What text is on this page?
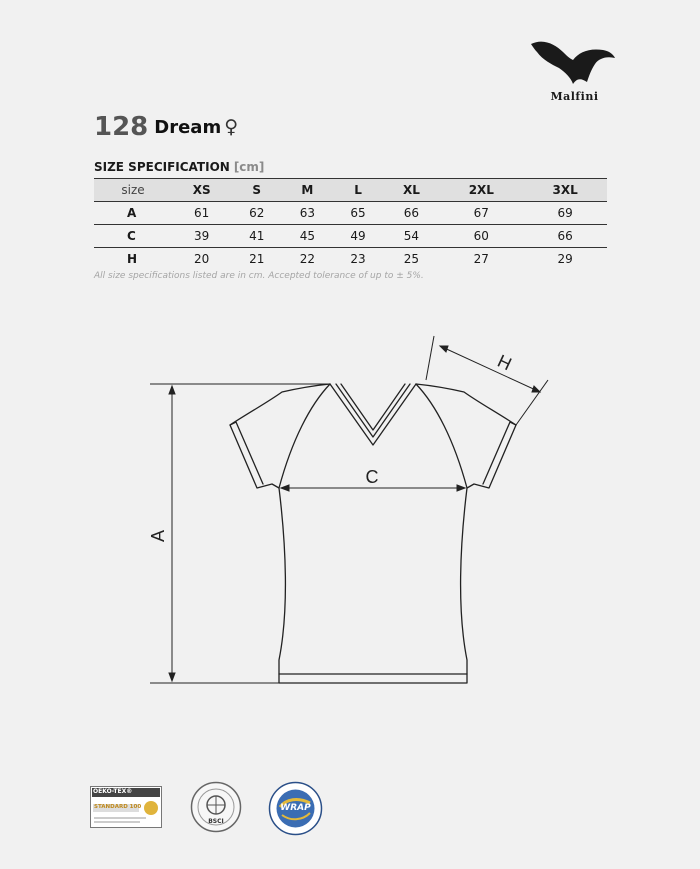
Malfini
128 Dream ♀
SIZE SPECIFICATION [cm]
size	XS	S	M	L	XL	2XL	3XL
A	61	62	63	65	66	67	69
C	39	41	45	49	54	60	66
H	20	21	22	23	25	27	29
All size specifications listed are in cm. Accepted tolerance of up to ± 5%.
A
C
H
OEKO-TEX®
STANDARD 100
BSCI
WRAP
